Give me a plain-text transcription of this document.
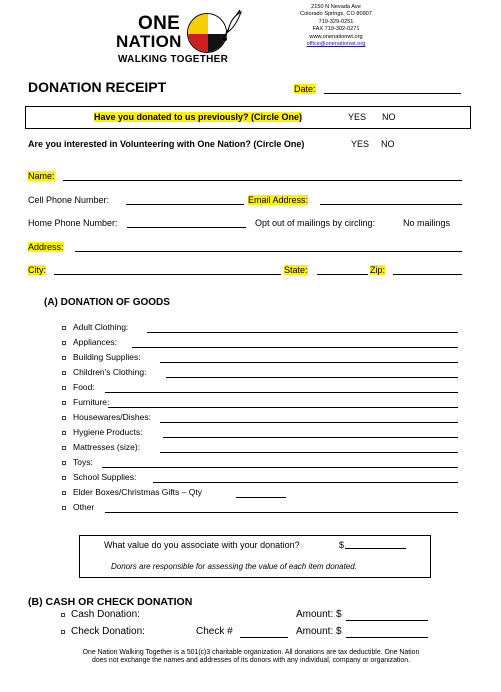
ONE
NATION
WALKING TOGETHER
2150 N Nevada Ave
Colorado Springs, CO 80907
719-329-0251
FAX 719-302-0271
www.onenationwt.org
office@onenationwt.org
DONATION RECEIPT	Date:
Have you donated to us previously? (Circle One)	YES NO
Are you interested in Volunteering with One Nation? (Circle One)	YES NO
Name:
Cell Phone Number:	Email Address:
Home Phone Number:	Opt out of mailings by circling:	No mailings
Address:
City:	State:	Zip:
(A) DONATION OF GOODS
Adult Clothing:
Appliances:
Building Supplies:
Children's Clothing:
Food:
Furniture:
Housewares/Dishes:
Hygiene Products:
Mattresses (size):
Toys:
School Supplies:
Elder Boxes/Christmas Gifts – Qty
Other
What value do you associate with your donation?	$
Donors are responsible for assessing the value of each item donated.
(B) CASH OR CHECK DONATION
Cash Donation:	Amount: $
Check Donation:	Check #	Amount: $
One Nation Walking Together is a 501(c)3 charitable organization. All donations are tax deductible. One Nation
does not exchange the names and addresses of its donors with any individual, company or organization.
